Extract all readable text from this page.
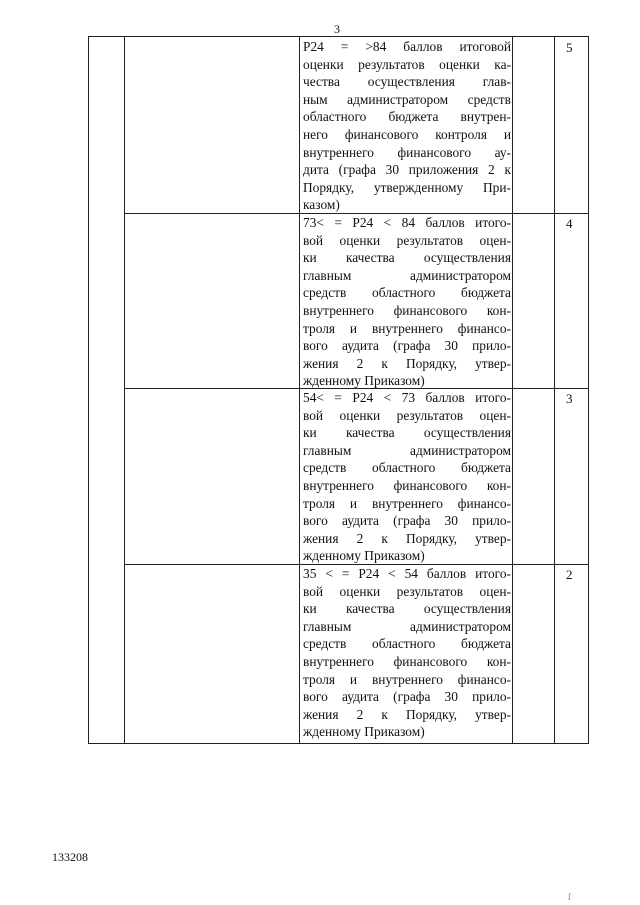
3
Р24 = >84 баллов итоговой
оценки результатов оценки ка-
чества осуществления глав-
ным администратором средств
областного бюджета внутрен-
него финансового контроля и
внутреннего финансового ау-
дита (графа 30 приложения 2 к
Порядку, утвержденному При-
казом)
5
73< = Р24 < 84 баллов итого-
вой оценки результатов оцен-
ки качества осуществления
главным администратором
средств областного бюджета
внутреннего финансового кон-
троля и внутреннего финансо-
вого аудита (графа 30 прило-
жения 2 к Порядку, утвер-
жденному Приказом)
4
54< = Р24 < 73 баллов итого-
вой оценки результатов оцен-
ки качества осуществления
главным администратором
средств областного бюджета
внутреннего финансового кон-
троля и внутреннего финансо-
вого аудита (графа 30 прило-
жения 2 к Порядку, утвер-
жденному Приказом)
3
35 < = Р24 < 54 баллов итого-
вой оценки результатов оцен-
ки качества осуществления
главным администратором
средств областного бюджета
внутреннего финансового кон-
троля и внутреннего финансо-
вого аудита (графа 30 прило-
жения 2 к Порядку, утвер-
жденному Приказом)
2
133208
ſ
